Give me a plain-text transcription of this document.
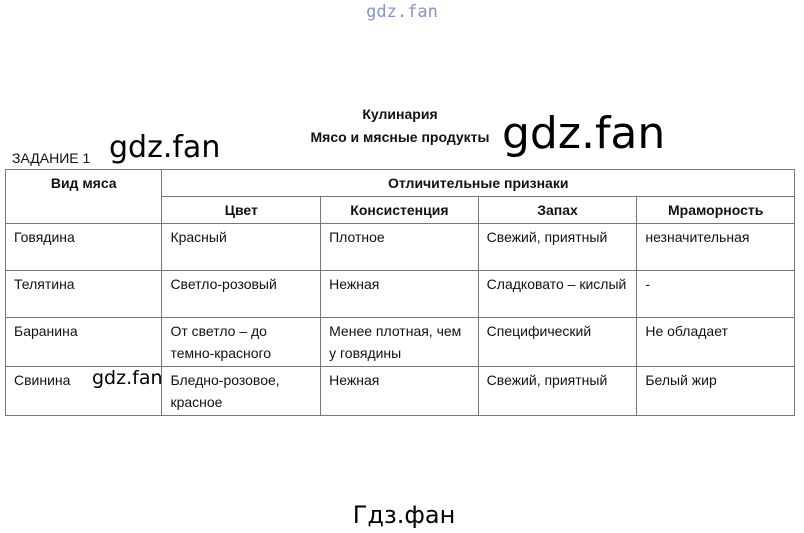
gdz.fan
Кулинария
Мясо и мясные продукты
ЗАДАНИЕ 1
Вид мяса	Отличительные признаки			
	Цвет	Консистенция	Запах	Мраморность
Говядина	Красный	Плотное	Свежий, приятный	незначительная
Телятина	Светло-розовый	Нежная	Сладковато – кислый	-
Баранина	От светло – до темно-красного	Менее плотная, чем у говядины	Специфический	Не обладает
Свинина	Бледно-розовое, красное	Нежная	Свежий, приятный	Белый жир
gdz.fan
gdz.fan
gdz.fan
Гдз.фан
